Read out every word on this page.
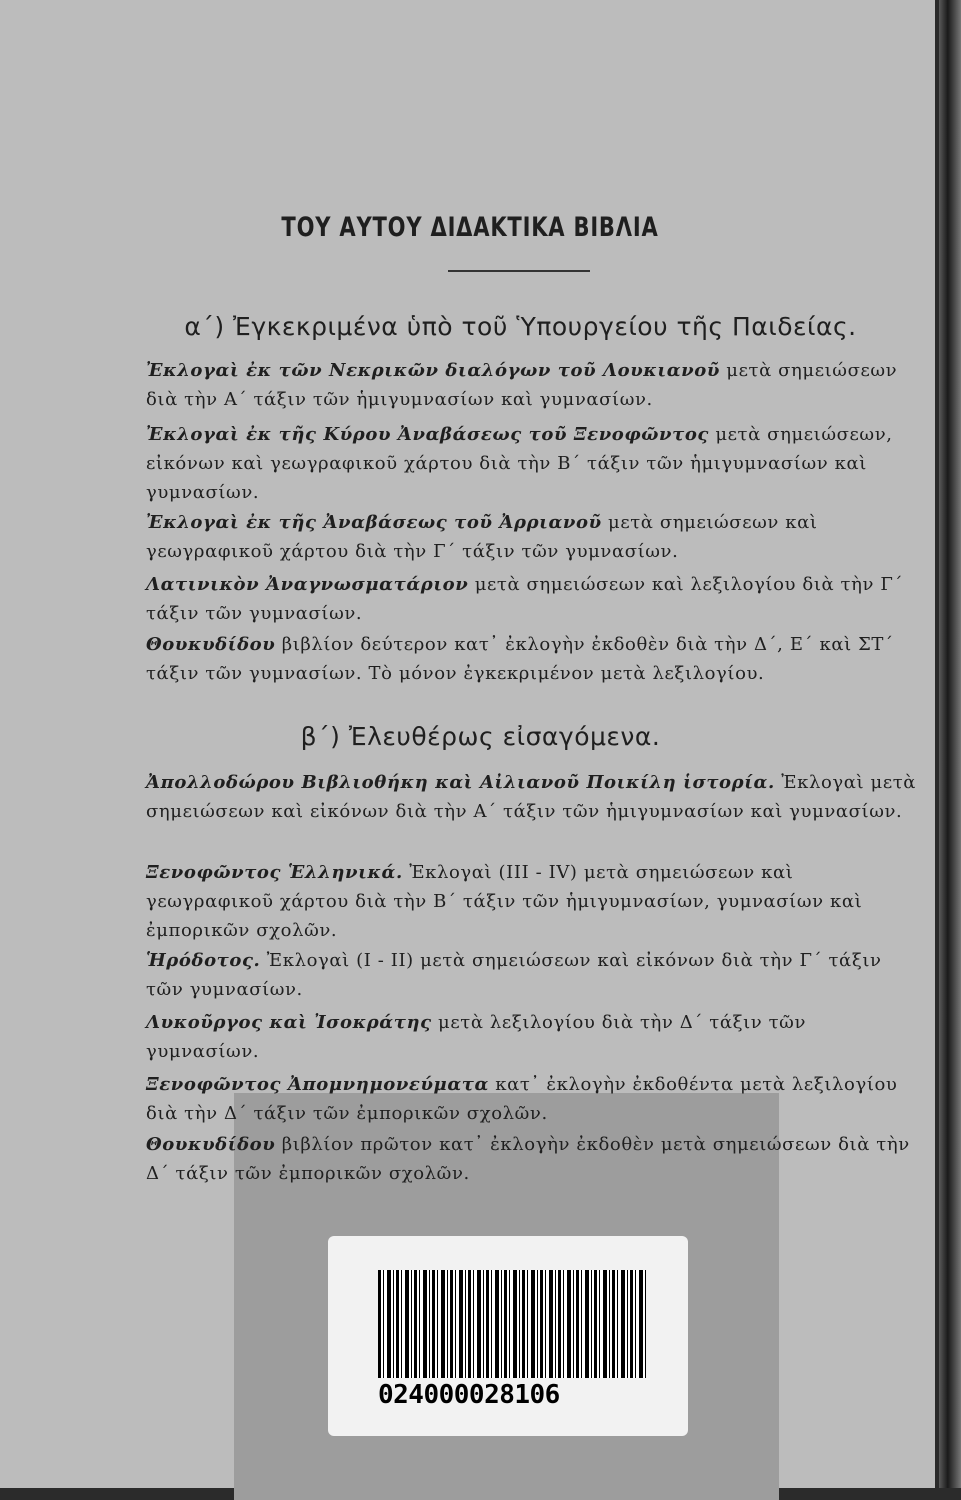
ΤΟΥ ΑΥΤΟΥ ΔΙΔΑΚΤΙΚΑ ΒΙΒΛΙΑ
α΄) Ἐγκεκριμένα ὑπὸ τοῦ Ὑπουργείου τῆς Παιδείας.
Ἐκλογαὶ ἐκ τῶν Νεκρικῶν διαλόγων τοῦ Λουκιανοῦ μετὰ σημειώσεων διὰ τὴν Α΄ τάξιν τῶν ἡμιγυμνασίων καὶ γυμνασίων.
Ἐκλογαὶ ἐκ τῆς Κύρου Ἀναβάσεως τοῦ Ξενοφῶντος μετὰ σημειώσεων, εἰκόνων καὶ γεωγραφικοῦ χάρτου διὰ τὴν Β΄ τάξιν τῶν ἡμιγυμνασίων καὶ γυμνασίων.
Ἐκλογαὶ ἐκ τῆς Ἀναβάσεως τοῦ Ἀρριανοῦ μετὰ σημειώσεων καὶ γεωγραφικοῦ χάρτου διὰ τὴν Γ΄ τάξιν τῶν γυμνασίων.
Λατινικὸν Ἀναγνωσματάριον μετὰ σημειώσεων καὶ λεξιλογίου διὰ τὴν Γ΄ τάξιν τῶν γυμνασίων.
Θουκυδίδου βιβλίον δεύτερον κατ᾿ ἐκλογὴν ἐκδοθὲν διὰ τὴν Δ΄, Ε΄ καὶ ΣΤ΄ τάξιν τῶν γυμνασίων. Τὸ μόνον ἐγκεκριμένον μετὰ λεξιλογίου.
β΄) Ἐλευθέρως εἰσαγόμενα.
Ἀπολλοδώρου Βιβλιοθήκη καὶ Αἰλιανοῦ Ποικίλη ἱστορία. Ἐκλογαὶ μετὰ σημειώσεων καὶ εἰκόνων διὰ τὴν Α΄ τάξιν τῶν ἡμιγυμνασίων καὶ γυμνασίων.
Ξενοφῶντος Ἑλληνικά. Ἐκλογαὶ (III - IV) μετὰ σημειώσεων καὶ γεωγραφικοῦ χάρτου διὰ τὴν Β΄ τάξιν τῶν ἡμιγυμνασίων, γυμνασίων καὶ ἐμπορικῶν σχολῶν.
Ἡρόδοτος. Ἐκλογαὶ (I - II) μετὰ σημειώσεων καὶ εἰκόνων διὰ τὴν Γ΄ τάξιν τῶν γυμνασίων.
Λυκοῦργος καὶ Ἰσοκράτης μετὰ λεξιλογίου διὰ τὴν Δ΄ τάξιν τῶν γυμνασίων.
Ξενοφῶντος Ἀπομνημονεύματα κατ᾿ ἐκλογὴν ἐκδοθέντα μετὰ λεξιλογίου διὰ τὴν Δ΄ τάξιν τῶν ἐμπορικῶν σχολῶν.
Θουκυδίδου βιβλίον πρῶτον κατ᾿ ἐκλογὴν ἐκδοθὲν μετὰ σημειώσεων διὰ τὴν Δ΄ τάξιν τῶν ἐμπορικῶν σχολῶν.
024000028106
